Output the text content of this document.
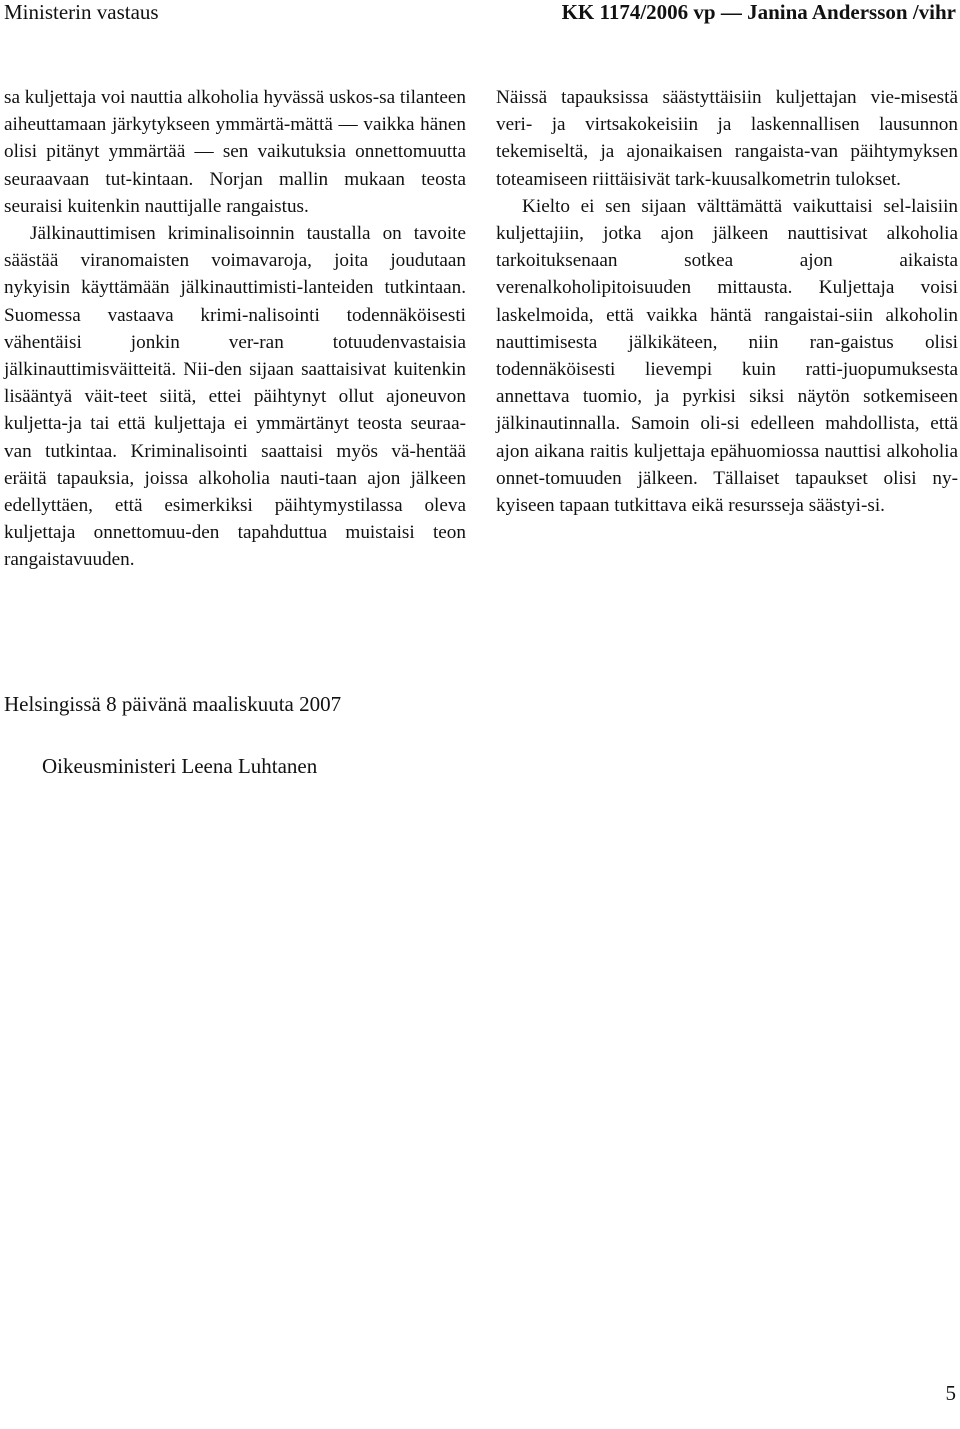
Ministerin vastaus	KK 1174/2006 vp — Janina Andersson /vihr

sa kuljettaja voi nauttia alkoholia hyvässä uskos-sa tilanteen aiheuttamaan järkytykseen ymmärtä-mättä — vaikka hänen olisi pitänyt ymmärtää — sen vaikutuksia onnettomuutta seuraavaan tut-kintaan. Norjan mallin mukaan teosta seuraisi kuitenkin nauttijalle rangaistus.

Jälkinauttimisen kriminalisoinnin taustalla on tavoite säästää viranomaisten voimavaroja, joita joudutaan nykyisin käyttämään jälkinauttimisti-lanteiden tutkintaan. Suomessa vastaava krimi-nalisointi todennäköisesti vähentäisi jonkin ver-ran totuudenvastaisia jälkinauttimisväitteitä. Nii-den sijaan saattaisivat kuitenkin lisääntyä väit-teet siitä, ettei päihtynyt ollut ajoneuvon kuljetta-ja tai että kuljettaja ei ymmärtänyt teosta seuraa-van tutkintaa. Kriminalisointi saattaisi myös vä-hentää eräitä tapauksia, joissa alkoholia nauti-taan ajon jälkeen edellyttäen, että esimerkiksi päihtymystilassa oleva kuljettaja onnettomuu-den tapahduttua muistaisi teon rangaistavuuden.

Näissä tapauksissa säästyttäisiin kuljettajan vie-misestä veri- ja virtsakokeisiin ja laskennallisen lausunnon tekemiseltä, ja ajonaikaisen rangaista-van päihtymyksen toteamiseen riittäisivät tark-kuusalkometrin tulokset.

Kielto ei sen sijaan välttämättä vaikuttaisi sel-laisiin kuljettajiin, jotka ajon jälkeen nauttisivat alkoholia tarkoituksenaan sotkea ajon aikaista verenalkoholipitoisuuden mittausta. Kuljettaja voisi laskelmoida, että vaikka häntä rangaistai-siin alkoholin nauttimisesta jälkikäteen, niin ran-gaistus olisi todennäköisesti lievempi kuin ratti-juopumuksesta annettava tuomio, ja pyrkisi siksi näytön sotkemiseen jälkinautinnalla. Samoin oli-si edelleen mahdollista, että ajon aikana raitis kuljettaja epähuomiossa nauttisi alkoholia onnet-tomuuden jälkeen. Tällaiset tapaukset olisi ny-kyiseen tapaan tutkittava eikä resursseja säästyi-si.

Helsingissä 8 päivänä maaliskuuta 2007
Oikeusministeri Leena Luhtanen
5
